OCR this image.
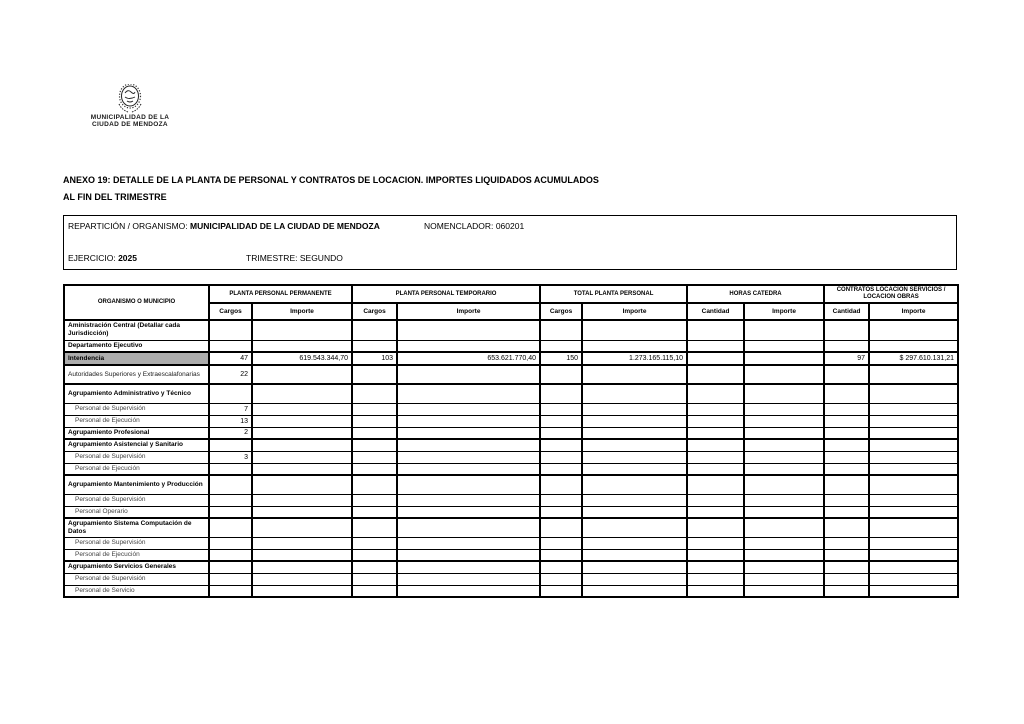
MUNICIPALIDAD DE LA
CIUDAD DE MENDOZA
ANEXO 19: DETALLE DE LA PLANTA DE PERSONAL Y CONTRATOS DE LOCACION. IMPORTES LIQUIDADOS ACUMULADOS
AL FIN DEL TRIMESTRE
REPARTICIÓN / ORGANISMO: MUNICIPALIDAD DE LA CIUDAD DE MENDOZA	NOMENCLADOR: 060201
EJERCICIO: 2025	TRIMESTRE: SEGUNDO
ORGANISMO O MUNICIPIO	PLANTA PERSONAL PERMANENTE		PLANTA PERSONAL TEMPORARIO		TOTAL PLANTA PERSONAL		HORAS CATEDRA		CONTRATOS LOCACION SERVICIOS / LOCACION OBRAS	
	Cargos	Importe	Cargos	Importe	Cargos	Importe	Cantidad	Importe	Cantidad	Importe
Aministración Central (Detallar cada Jurisdicción)										
Departamento Ejecutivo										
Intendencia	47	619.543.344,70	103	653.621.770,40	150	1.273.165.115,10			97	$ 297.610.131,21
Autoridades Superiores y Extraescalafonarias	22									
Agrupamiento Administrativo y Técnico										
Personal de Supervisión	7									
Personal de Ejecución	13									
Agrupamiento Profesional	2									
Agrupamiento Asistencial y Sanitario										
Personal de Supervisión	3									
Personal de Ejecución										
Agrupamiento Mantenimiento y Producción										
Personal de Supervisión										
Personal Operario										
Agrupamiento Sistema Computación de Datos										
Personal de Supervisión										
Personal de Ejecución										
Agrupamiento Servicios Generales										
Personal de Supervisión										
Personal de Servicio										
